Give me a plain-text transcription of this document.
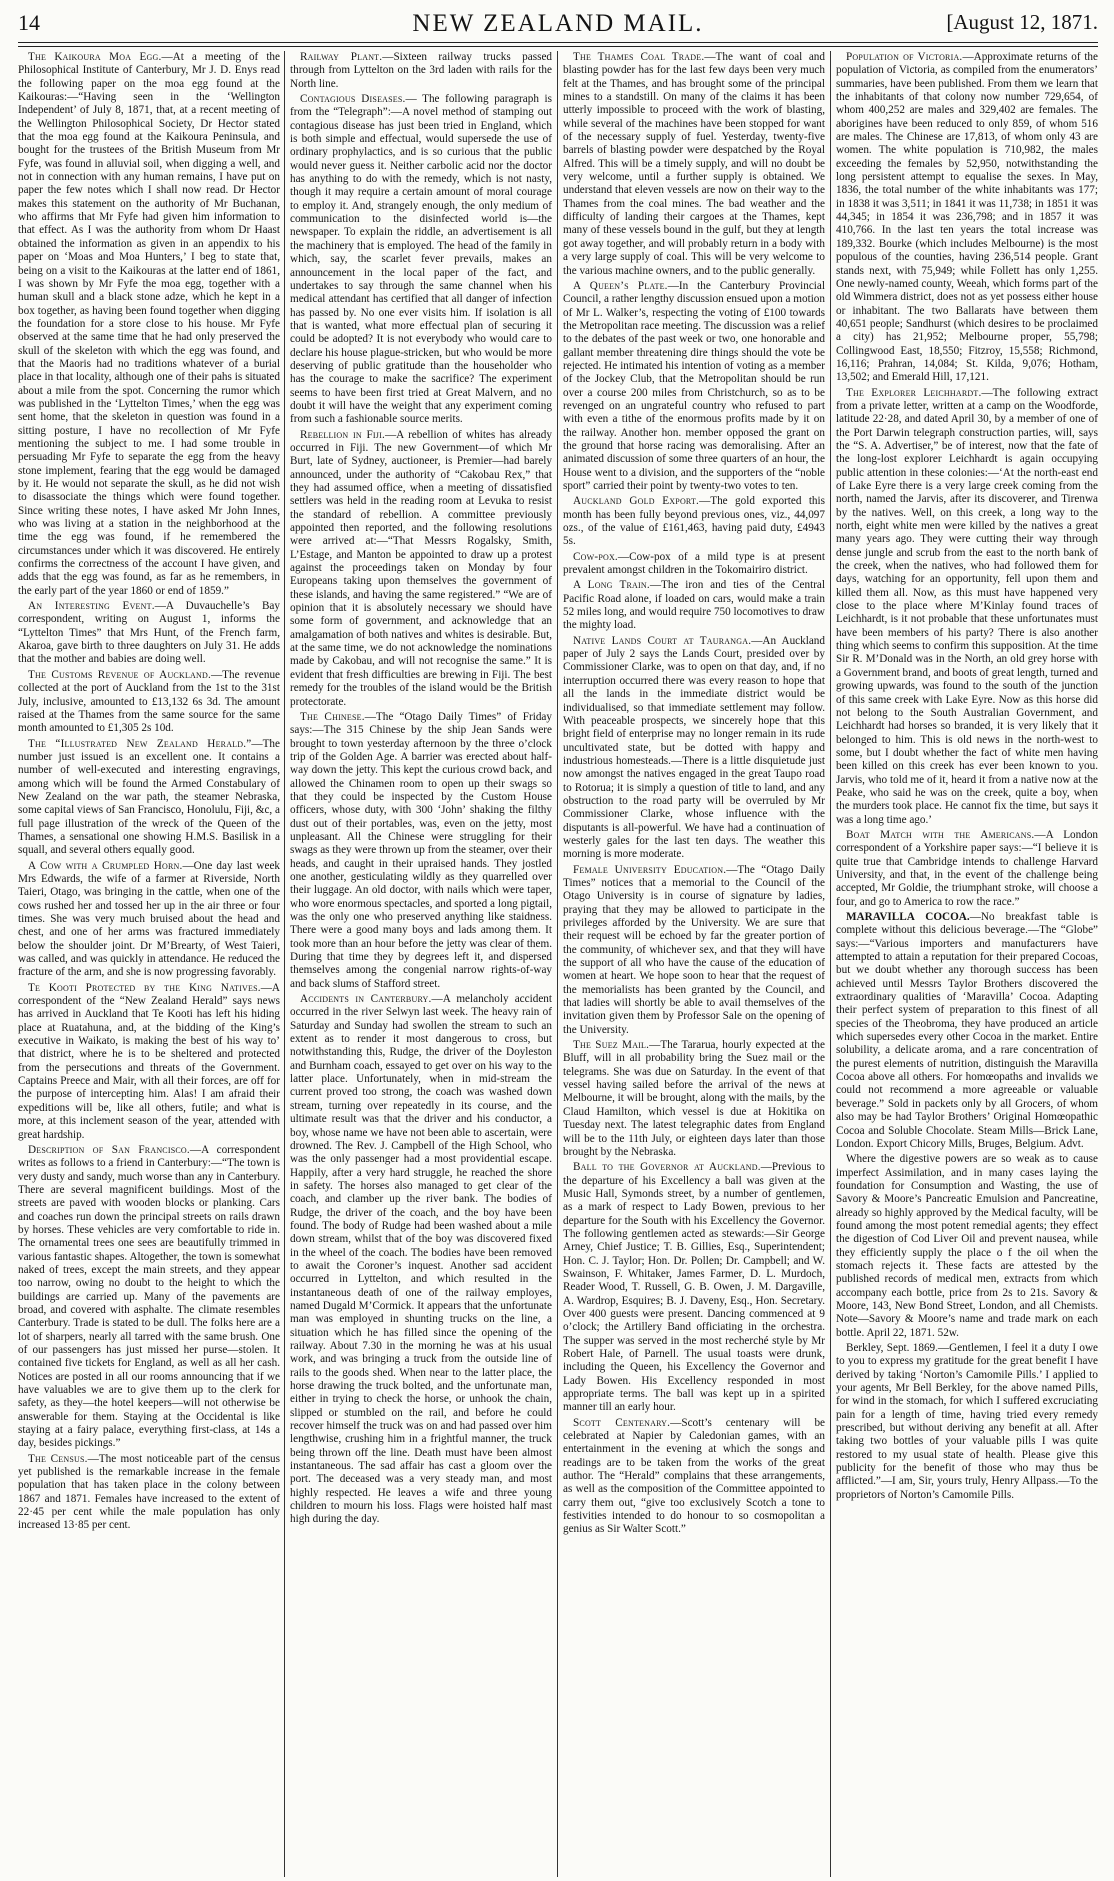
14	NEW ZEALAND MAIL.	[August 12, 1871.

The Kaikoura Moa Egg.—At a meeting of the Philosophical Institute of Canterbury, Mr J. D. Enys read the following paper on the moa egg found at the Kaikouras:—“Having seen in the ‘Wellington Independent’ of July 8, 1871, that, at a recent meeting of the Wellington Philosophical Society, Dr Hector stated that the moa egg found at the Kaikoura Peninsula, and bought for the trustees of the British Museum from Mr Fyfe, was found in alluvial soil, when digging a well, and not in connection with any human remains, I have put on paper the few notes which I shall now read. Dr Hector makes this statement on the authority of Mr Buchanan, who affirms that Mr Fyfe had given him information to that effect. As I was the authority from whom Dr Haast obtained the information as given in an appendix to his paper on ‘Moas and Moa Hunters,’ I beg to state that, being on a visit to the Kaikouras at the latter end of 1861, I was shown by Mr Fyfe the moa egg, together with a human skull and a black stone adze, which he kept in a box together, as having been found together when digging the foundation for a store close to his house. Mr Fyfe observed at the same time that he had only preserved the skull of the skeleton with which the egg was found, and that the Maoris had no traditions whatever of a burial place in that locality, although one of their pahs is situated about a mile from the spot. Concerning the rumor which was published in the ‘Lyttelton Times,’ when the egg was sent home, that the skeleton in question was found in a sitting posture, I have no recollection of Mr Fyfe mentioning the subject to me. I had some trouble in persuading Mr Fyfe to separate the egg from the heavy stone implement, fearing that the egg would be damaged by it. He would not separate the skull, as he did not wish to disassociate the things which were found together. Since writing these notes, I have asked Mr John Innes, who was living at a station in the neighborhood at the time the egg was found, if he remembered the circumstances under which it was discovered. He entirely confirms the correctness of the account I have given, and adds that the egg was found, as far as he remembers, in the early part of the year 1860 or end of 1859.”

An Interesting Event.—A Duvauchelle’s Bay correspondent, writing on August 1, informs the “Lyttelton Times” that Mrs Hunt, of the French farm, Akaroa, gave birth to three daughters on July 31. He adds that the mother and babies are doing well.

The Customs Revenue of Auckland.—The revenue collected at the port of Auckland from the 1st to the 31st July, inclusive, amounted to £13,132 6s 3d. The amount raised at the Thames from the same source for the same month amounted to £1,305 2s 10d.

The “Illustrated New Zealand Herald.”—The number just issued is an excellent one. It contains a number of well-executed and interesting engravings, among which will be found the Armed Constabulary of New Zealand on the war path, the steamer Nebraska, some capital views of San Francisco, Honolulu, Fiji, &c, a full page illustration of the wreck of the Queen of the Thames, a sensational one showing H.M.S. Basilisk in a squall, and several others equally good.

A Cow with a Crumpled Horn.—One day last week Mrs Edwards, the wife of a farmer at Riverside, North Taieri, Otago, was bringing in the cattle, when one of the cows rushed her and tossed her up in the air three or four times. She was very much bruised about the head and chest, and one of her arms was fractured immediately below the shoulder joint. Dr M’Brearty, of West Taieri, was called, and was quickly in attendance. He reduced the fracture of the arm, and she is now progressing favorably.

Te Kooti Protected by the King Natives.—A correspondent of the “New Zealand Herald” says news has arrived in Auckland that Te Kooti has left his hiding place at Ruatahuna, and, at the bidding of the King’s executive in Waikato, is making the best of his way to’ that district, where he is to be sheltered and protected from the persecutions and threats of the Government. Captains Preece and Mair, with all their forces, are off for the purpose of intercepting him. Alas! I am afraid their expeditions will be, like all others, futile; and what is more, at this inclement season of the year, attended with great hardship.

Description of San Francisco.—A correspondent writes as follows to a friend in Canterbury:—“The town is very dusty and sandy, much worse than any in Canterbury. There are several magnificent buildings. Most of the streets are paved with wooden blocks or planking. Cars and coaches run down the principal streets on rails drawn by horses. These vehicles are very comfortable to ride in. The ornamental trees one sees are beautifully trimmed in various fantastic shapes. Altogether, the town is somewhat naked of trees, except the main streets, and they appear too narrow, owing no doubt to the height to which the buildings are carried up. Many of the pavements are broad, and covered with asphalte. The climate resembles Canterbury. Trade is stated to be dull. The folks here are a lot of sharpers, nearly all tarred with the same brush. One of our passengers has just missed her purse—stolen. It contained five tickets for England, as well as all her cash. Notices are posted in all our rooms announcing that if we have valuables we are to give them up to the clerk for safety, as they—the hotel keepers—will not otherwise be answerable for them. Staying at the Occidental is like staying at a fairy palace, everything first-class, at 14s a day, besides pickings.”

The Census.—The most noticeable part of the census yet published is the remarkable increase in the female population that has taken place in the colony between 1867 and 1871. Females have increased to the extent of 22·45 per cent while the male population has only increased 13·85 per cent.

Railway Plant.—Sixteen railway trucks passed through from Lyttelton on the 3rd laden with rails for the North line.

Contagious Diseases.— The following paragraph is from the “Telegraph”:—A novel method of stamping out contagious disease has just been tried in England, which is both simple and effectual, would supersede the use of ordinary prophylactics, and is so curious that the public would never guess it. Neither carbolic acid nor the doctor has anything to do with the remedy, which is not nasty, though it may require a certain amount of moral courage to employ it. And, strangely enough, the only medium of communication to the disinfected world is—the newspaper. To explain the riddle, an advertisement is all the machinery that is employed. The head of the family in which, say, the scarlet fever prevails, makes an announcement in the local paper of the fact, and undertakes to say through the same channel when his medical attendant has certified that all danger of infection has passed by. No one ever visits him. If isolation is all that is wanted, what more effectual plan of securing it could be adopted? It is not everybody who would care to declare his house plague-stricken, but who would be more deserving of public gratitude than the householder who has the courage to make the sacrifice? The experiment seems to have been first tried at Great Malvern, and no doubt it will have the weight that any experiment coming from such a fashionable source merits.

Rebellion in Fiji.—A rebellion of whites has already occurred in Fiji. The new Government—of which Mr Burt, late of Sydney, auctioneer, is Premier—had barely announced, under the authority of “Cakobau Rex,” that they had assumed office, when a meeting of dissatisfied settlers was held in the reading room at Levuka to resist the standard of rebellion. A committee previously appointed then reported, and the following resolutions were arrived at:—“That Messrs Rogalsky, Smith, L’Estage, and Manton be appointed to draw up a protest against the proceedings taken on Monday by four Europeans taking upon themselves the government of these islands, and having the same registered.” “We are of opinion that it is absolutely necessary we should have some form of government, and acknowledge that an amalgamation of both natives and whites is desirable. But, at the same time, we do not acknowledge the nominations made by Cakobau, and will not recognise the same.” It is evident that fresh difficulties are brewing in Fiji. The best remedy for the troubles of the island would be the British protectorate.

The Chinese.—The “Otago Daily Times” of Friday says:—The 315 Chinese by the ship Jean Sands were brought to town yesterday afternoon by the three o’clock trip of the Golden Age. A barrier was erected about half-way down the jetty. This kept the curious crowd back, and allowed the Chinamen room to open up their swags so that they could be inspected by the Custom House officers, whose duty, with 300 ‘John’ shaking the filthy dust out of their portables, was, even on the jetty, most unpleasant. All the Chinese were struggling for their swags as they were thrown up from the steamer, over their heads, and caught in their upraised hands. They jostled one another, gesticulating wildly as they quarrelled over their luggage. An old doctor, with nails which were taper, who wore enormous spectacles, and sported a long pigtail, was the only one who preserved anything like staidness. There were a good many boys and lads among them. It took more than an hour before the jetty was clear of them. During that time they by degrees left it, and dispersed themselves among the congenial narrow rights-of-way and back slums of Stafford street.

Accidents in Canterbury.—A melancholy accident occurred in the river Selwyn last week. The heavy rain of Saturday and Sunday had swollen the stream to such an extent as to render it most dangerous to cross, but notwithstanding this, Rudge, the driver of the Doyleston and Burnham coach, essayed to get over on his way to the latter place. Unfortunately, when in mid-stream the current proved too strong, the coach was washed down stream, turning over repeatedly in its course, and the ultimate result was that the driver and his conductor, a boy, whose name we have not been able to ascertain, were drowned. The Rev. J. Campbell of the High School, who was the only passenger had a most providential escape. Happily, after a very hard struggle, he reached the shore in safety. The horses also managed to get clear of the coach, and clamber up the river bank. The bodies of Rudge, the driver of the coach, and the boy have been found. The body of Rudge had been washed about a mile down stream, whilst that of the boy was discovered fixed in the wheel of the coach. The bodies have been removed to await the Coroner’s inquest. Another sad accident occurred in Lyttelton, and which resulted in the instantaneous death of one of the railway employes, named Dugald M’Cormick. It appears that the unfortunate man was employed in shunting trucks on the line, a situation which he has filled since the opening of the railway. About 7.30 in the morning he was at his usual work, and was bringing a truck from the outside line of rails to the goods shed. When near to the latter place, the horse drawing the truck bolted, and the unfortunate man, either in trying to check the horse, or unhook the chain, slipped or stumbled on the rail, and before he could recover himself the truck was on and had passed over him lengthwise, crushing him in a frightful manner, the truck being thrown off the line. Death must have been almost instantaneous. The sad affair has cast a gloom over the port. The deceased was a very steady man, and most highly respected. He leaves a wife and three young children to mourn his loss. Flags were hoisted half mast high during the day.

The Thames Coal Trade.—The want of coal and blasting powder has for the last few days been very much felt at the Thames, and has brought some of the principal mines to a standstill. On many of the claims it has been utterly impossible to proceed with the work of blasting, while several of the machines have been stopped for want of the necessary supply of fuel. Yesterday, twenty-five barrels of blasting powder were despatched by the Royal Alfred. This will be a timely supply, and will no doubt be very welcome, until a further supply is obtained. We understand that eleven vessels are now on their way to the Thames from the coal mines. The bad weather and the difficulty of landing their cargoes at the Thames, kept many of these vessels bound in the gulf, but they at length got away together, and will probably return in a body with a very large supply of coal. This will be very welcome to the various machine owners, and to the public generally.

A Queen’s Plate.—In the Canterbury Provincial Council, a rather lengthy discussion ensued upon a motion of Mr L. Walker’s, respecting the voting of £100 towards the Metropolitan race meeting. The discussion was a relief to the debates of the past week or two, one honorable and gallant member threatening dire things should the vote be rejected. He intimated his intention of voting as a member of the Jockey Club, that the Metropolitan should be run over a course 200 miles from Christchurch, so as to be revenged on an ungrateful country who refused to part with even a tithe of the enormous profits made by it on the railway. Another hon. member opposed the grant on the ground that horse racing was demoralising. After an animated discussion of some three quarters of an hour, the House went to a division, and the supporters of the “noble sport” carried their point by twenty-two votes to ten.

Auckland Gold Export.—The gold exported this month has been fully beyond previous ones, viz., 44,097 ozs., of the value of £161,463, having paid duty, £4943 5s.

Cow-pox.—Cow-pox of a mild type is at present prevalent amongst children in the Tokomairiro district.

A Long Train.—The iron and ties of the Central Pacific Road alone, if loaded on cars, would make a train 52 miles long, and would require 750 locomotives to draw the mighty load.

Native Lands Court at Tauranga.—An Auckland paper of July 2 says the Lands Court, presided over by Commissioner Clarke, was to open on that day, and, if no interruption occurred there was every reason to hope that all the lands in the immediate district would be individualised, so that immediate settlement may follow. With peaceable prospects, we sincerely hope that this bright field of enterprise may no longer remain in its rude uncultivated state, but be dotted with happy and industrious homesteads.—There is a little disquietude just now amongst the natives engaged in the great Taupo road to Rotorua; it is simply a question of title to land, and any obstruction to the road party will be overruled by Mr Commissioner Clarke, whose influence with the disputants is all-powerful. We have had a continuation of westerly gales for the last ten days. The weather this morning is more moderate.

Female University Education.—The “Otago Daily Times” notices that a memorial to the Council of the Otago University is in course of signature by ladies, praying that they may be allowed to participate in the privileges afforded by the University. We are sure that their request will be echoed by far the greater portion of the community, of whichever sex, and that they will have the support of all who have the cause of the education of women at heart. We hope soon to hear that the request of the memorialists has been granted by the Council, and that ladies will shortly be able to avail themselves of the invitation given them by Professor Sale on the opening of the University.

The Suez Mail.—The Tararua, hourly expected at the Bluff, will in all probability bring the Suez mail or the telegrams. She was due on Saturday. In the event of that vessel having sailed before the arrival of the news at Melbourne, it will be brought, along with the mails, by the Claud Hamilton, which vessel is due at Hokitika on Tuesday next. The latest telegraphic dates from England will be to the 11th July, or eighteen days later than those brought by the Nebraska.

Ball to the Governor at Auckland.—Previous to the departure of his Excellency a ball was given at the Music Hall, Symonds street, by a number of gentlemen, as a mark of respect to Lady Bowen, previous to her departure for the South with his Excellency the Governor. The following gentlemen acted as stewards:—Sir George Arney, Chief Justice; T. B. Gillies, Esq., Superintendent; Hon. C. J. Taylor; Hon. Dr. Pollen; Dr. Campbell; and W. Swainson, F. Whitaker, James Farmer, D. L. Murdoch, Reader Wood, T. Russell, G. B. Owen, J. M. Dargaville, A. Wardrop, Esquires; B. J. Daveny, Esq., Hon. Secretary. Over 400 guests were present. Dancing commenced at 9 o’clock; the Artillery Band officiating in the orchestra. The supper was served in the most recherché style by Mr Robert Hale, of Parnell. The usual toasts were drunk, including the Queen, his Excellency the Governor and Lady Bowen. His Excellency responded in most appropriate terms. The ball was kept up in a spirited manner till an early hour.

Scott Centenary.—Scott’s centenary will be celebrated at Napier by Caledonian games, with an entertainment in the evening at which the songs and readings are to be taken from the works of the great author. The “Herald” complains that these arrangements, as well as the composition of the Committee appointed to carry them out, “give too exclusively Scotch a tone to festivities intended to do honour to so cosmopolitan a genius as Sir Walter Scott.”

Population of Victoria.—Approximate returns of the population of Victoria, as compiled from the enumerators’ summaries, have been published. From them we learn that the inhabitants of that colony now number 729,654, of whom 400,252 are males and 329,402 are females. The aborigines have been reduced to only 859, of whom 516 are males. The Chinese are 17,813, of whom only 43 are women. The white population is 710,982, the males exceeding the females by 52,950, notwithstanding the long persistent attempt to equalise the sexes. In May, 1836, the total number of the white inhabitants was 177; in 1838 it was 3,511; in 1841 it was 11,738; in 1851 it was 44,345; in 1854 it was 236,798; and in 1857 it was 410,766. In the last ten years the total increase was 189,332. Bourke (which includes Melbourne) is the most populous of the counties, having 236,514 people. Grant stands next, with 75,949; while Follett has only 1,255. One newly-named county, Weeah, which forms part of the old Wimmera district, does not as yet possess either house or inhabitant. The two Ballarats have between them 40,651 people; Sandhurst (which desires to be proclaimed a city) has 21,952; Melbourne proper, 55,798; Collingwood East, 18,550; Fitzroy, 15,558; Richmond, 16,116; Prahran, 14,084; St. Kilda, 9,076; Hotham, 13,502; and Emerald Hill, 17,121.

The Explorer Leichhardt.—The following extract from a private letter, written at a camp on the Woodforde, latitude 22·28, and dated April 30, by a member of one of the Port Darwin telegraph construction parties, will, says the “S. A. Advertiser,” be of interest, now that the fate of the long-lost explorer Leichhardt is again occupying public attention in these colonies:—‘At the north-east end of Lake Eyre there is a very large creek coming from the north, named the Jarvis, after its discoverer, and Tirenwa by the natives. Well, on this creek, a long way to the north, eight white men were killed by the natives a great many years ago. They were cutting their way through dense jungle and scrub from the east to the north bank of the creek, when the natives, who had followed them for days, watching for an opportunity, fell upon them and killed them all. Now, as this must have happened very close to the place where M’Kinlay found traces of Leichhardt, is it not probable that these unfortunates must have been members of his party? There is also another thing which seems to confirm this supposition. At the time Sir R. M’Donald was in the North, an old grey horse with a Government brand, and boots of great length, turned and growing upwards, was found to the south of the junction of this same creek with Lake Eyre. Now as this horse did not belong to the South Australian Government, and Leichhardt had horses so branded, it is very likely that it belonged to him. This is old news in the north-west to some, but I doubt whether the fact of white men having been killed on this creek has ever been known to you. Jarvis, who told me of it, heard it from a native now at the Peake, who said he was on the creek, quite a boy, when the murders took place. He cannot fix the time, but says it was a long time ago.’

Boat Match with the Americans.—A London correspondent of a Yorkshire paper says:—“I believe it is quite true that Cambridge intends to challenge Harvard University, and that, in the event of the challenge being accepted, Mr Goldie, the triumphant stroke, will choose a four, and go to America to row the race.”

MARAVILLA COCOA.—No breakfast table is complete without this delicious beverage.—The “Globe” says:—“Various importers and manufacturers have attempted to attain a reputation for their prepared Cocoas, but we doubt whether any thorough success has been achieved until Messrs Taylor Brothers discovered the extraordinary qualities of ‘Maravilla’ Cocoa. Adapting their perfect system of preparation to this finest of all species of the Theobroma, they have produced an article which supersedes every other Cocoa in the market. Entire solubility, a delicate aroma, and a rare concentration of the purest elements of nutrition, distinguish the Maravilla Cocoa above all others. For homœopaths and invalids we could not recommend a more agreeable or valuable beverage.” Sold in packets only by all Grocers, of whom also may be had Taylor Brothers’ Original Homœopathic Cocoa and Soluble Chocolate. Steam Mills—Brick Lane, London. Export Chicory Mills, Bruges, Belgium. Advt.

Where the digestive powers are so weak as to cause imperfect Assimilation, and in many cases laying the foundation for Consumption and Wasting, the use of Savory & Moore’s Pancreatic Emulsion and Pancreatine, already so highly approved by the Medical faculty, will be found among the most potent remedial agents; they effect the digestion of Cod Liver Oil and prevent nausea, while they efficiently supply the place o f the oil when the stomach rejects it. These facts are attested by the published records of medical men, extracts from which accompany each bottle, price from 2s to 21s. Savory & Moore, 143, New Bond Street, London, and all Chemists. Note—Savory & Moore’s name and trade mark on each bottle. April 22, 1871. 52w.

Berkley, Sept. 1869.—Gentlemen, I feel it a duty I owe to you to express my gratitude for the great benefit I have derived by taking ‘Norton’s Camomile Pills.’ I applied to your agents, Mr Bell Berkley, for the above named Pills, for wind in the stomach, for which I suffered excruciating pain for a length of time, having tried every remedy prescribed, but without deriving any benefit at all. After taking two bottles of your valuable pills I was quite restored to my usual state of health. Please give this publicity for the benefit of those who may thus be afflicted.”—I am, Sir, yours truly, Henry Allpass.—To the proprietors of Norton’s Camomile Pills.
